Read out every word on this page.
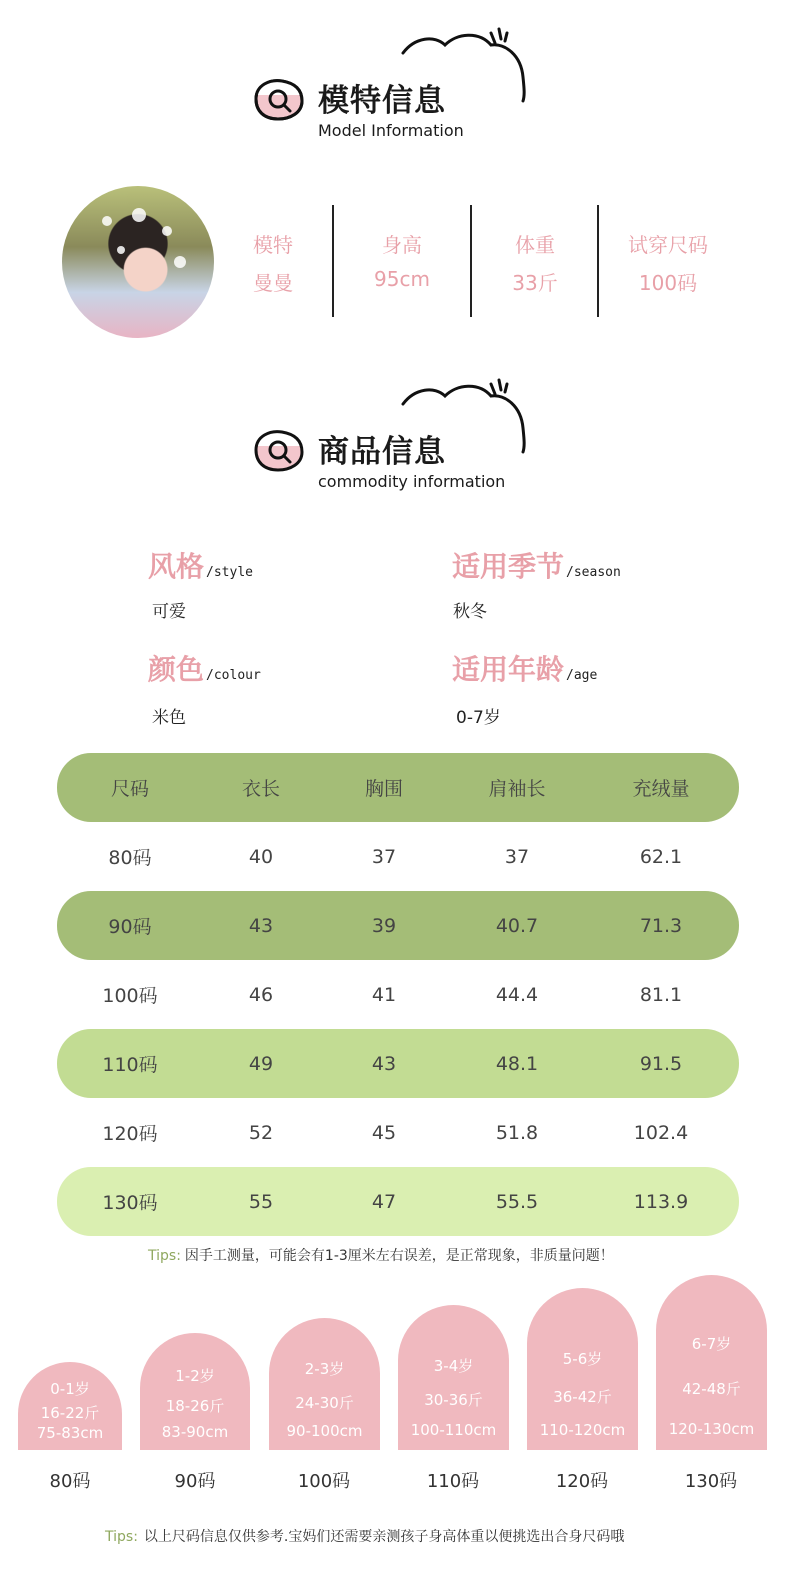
模特信息
Model Information
模特
曼曼
身高
95cm
体重
33斤
试穿尺码
100码
商品信息
commodity information
风格 /style
可爱
适用季节 /season
秋冬
颜色 /colour
米色
适用年龄 /age
0-7岁
尺码	衣长	胸围	肩袖长	充绒量
80码	40	37	37	62.1
90码	43	39	40.7	71.3
100码	46	41	44.4	81.1
110码	49	43	48.1	91.5
120码	52	45	51.8	102.4
130码	55	47	55.5	113.9
Tips: 因手工测量，可能会有1-3厘米左右误差，是正常现象，非质量问题！
0-1岁
16-22斤
75-83cm
1-2岁
18-26斤
83-90cm
2-3岁
24-30斤
90-100cm
3-4岁
30-36斤
100-110cm
5-6岁
36-42斤
110-120cm
6-7岁
42-48斤
120-130cm
80码	90码	100码	110码	120码	130码
Tips: 以上尺码信息仅供参考.宝妈们还需要亲测孩子身高体重以便挑选出合身尺码哦
